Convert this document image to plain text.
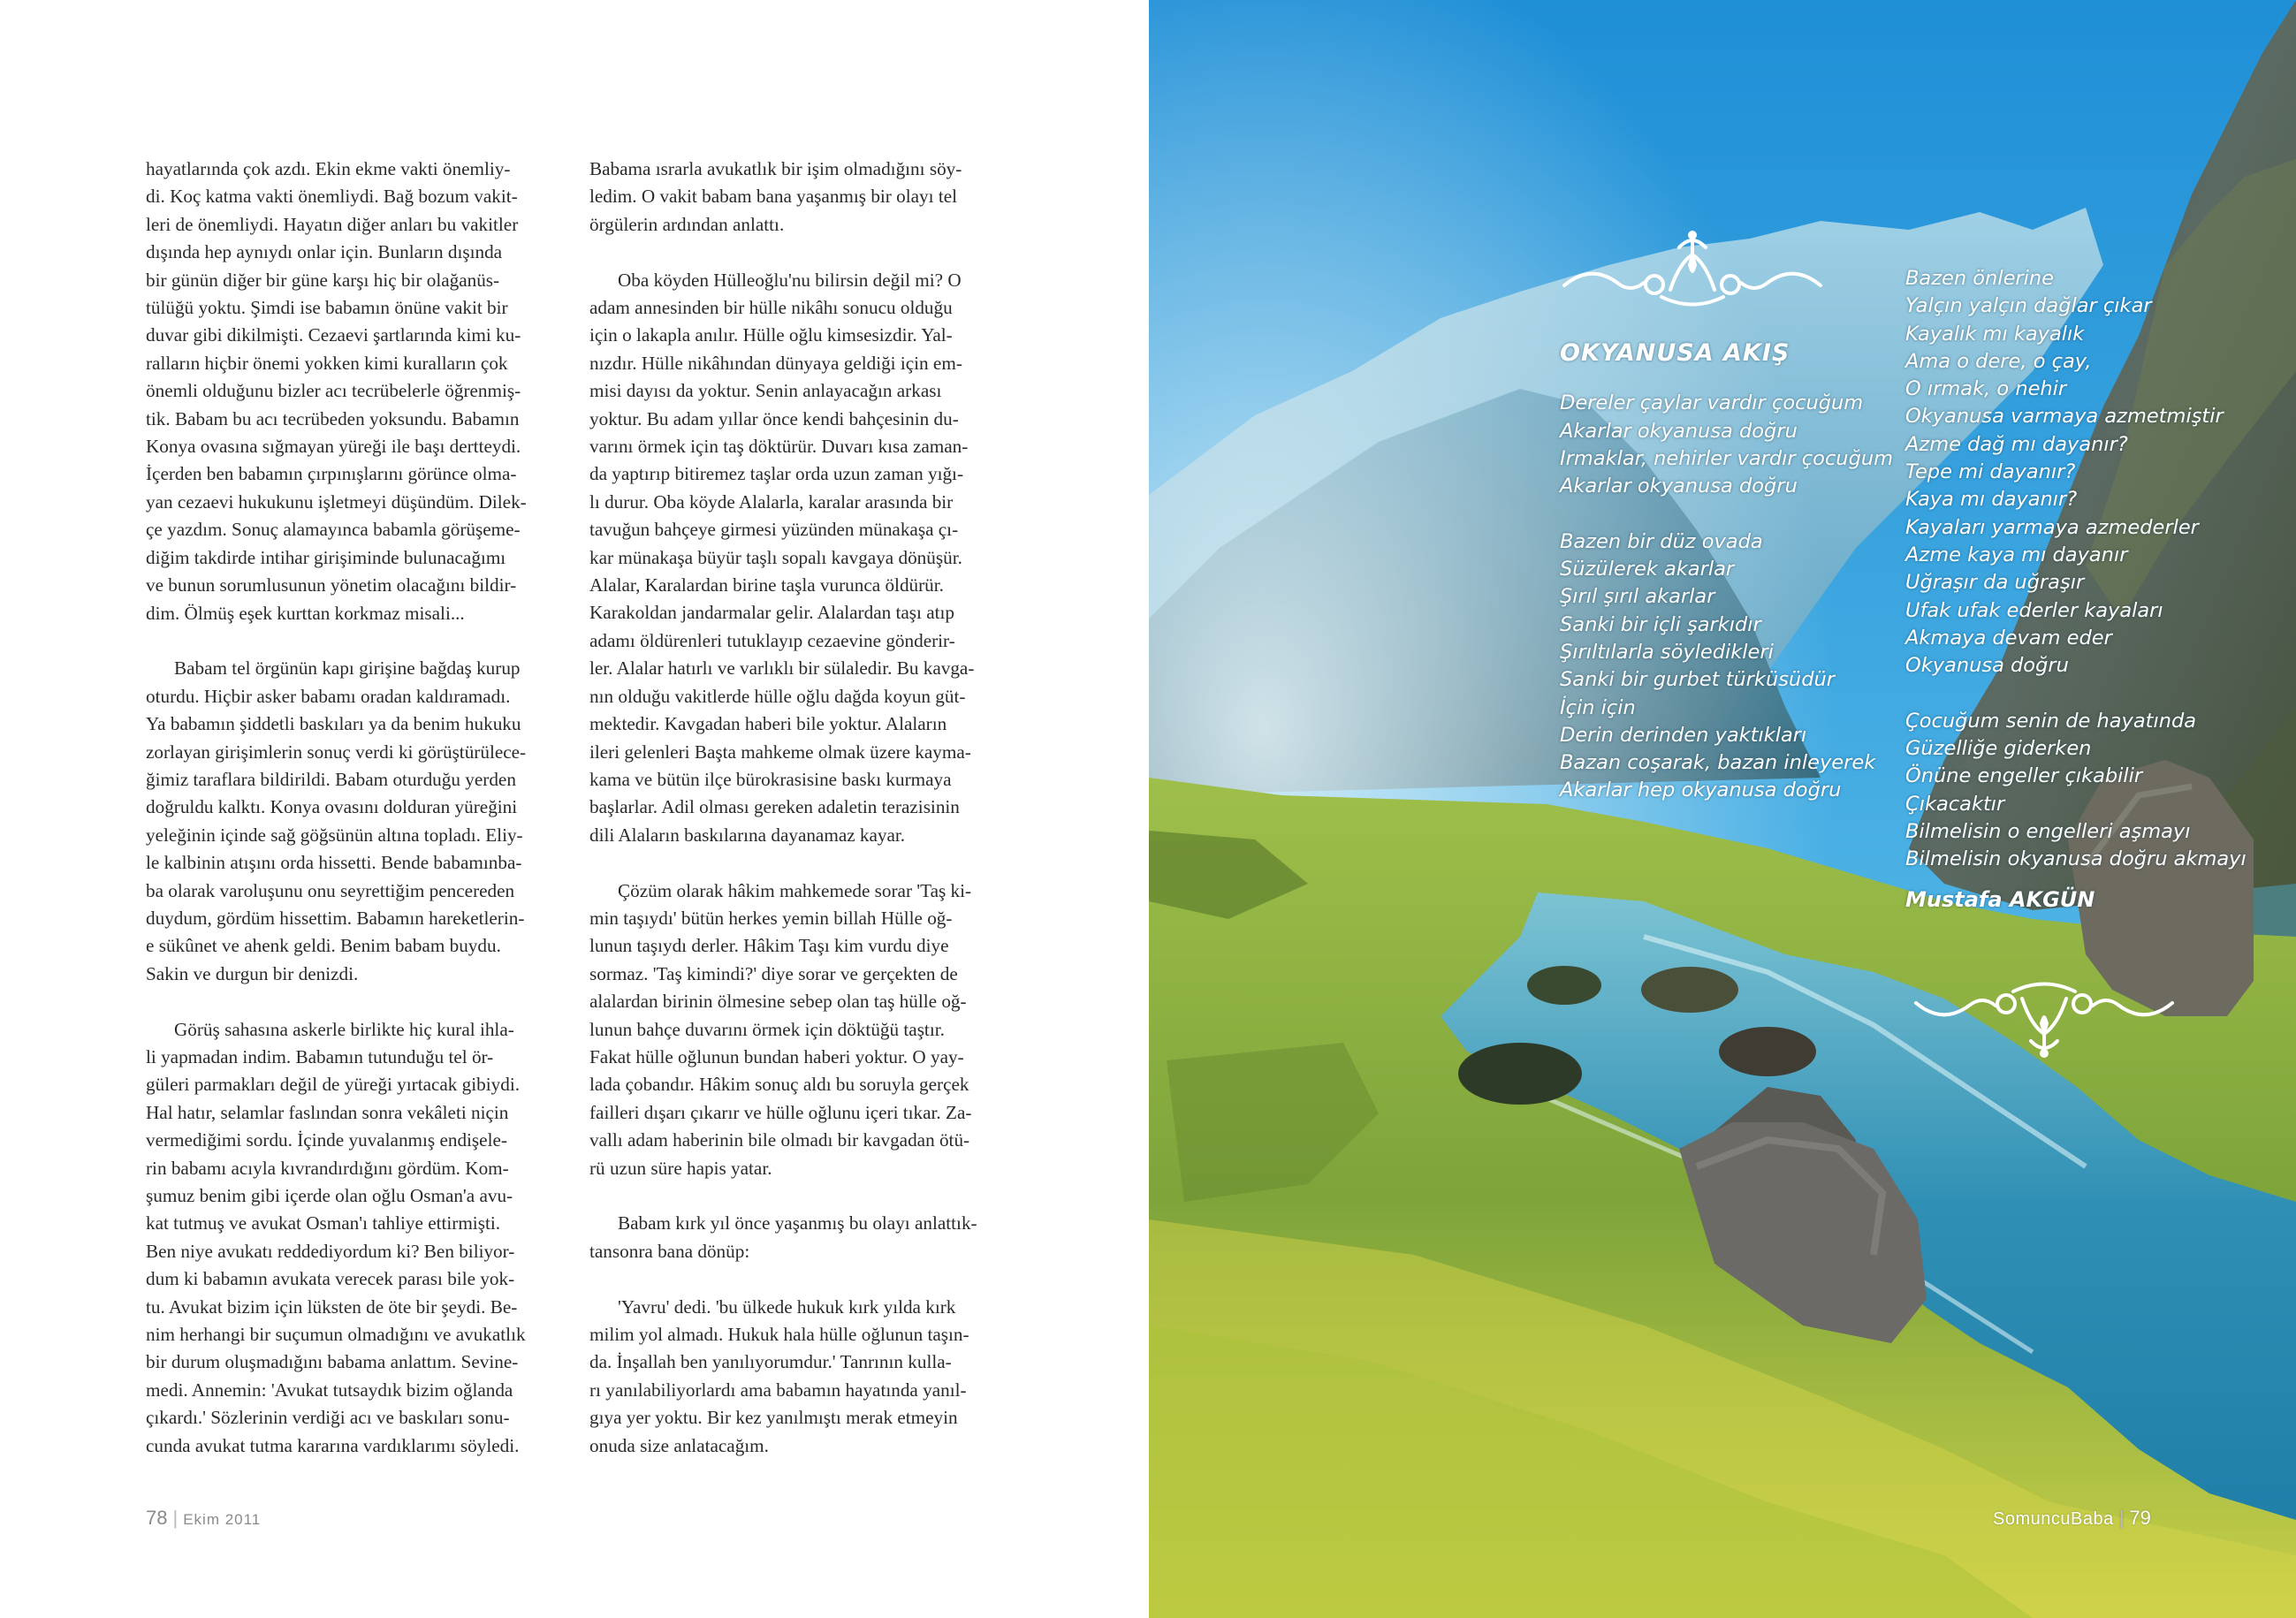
hayatlarında çok azdı. Ekin ekme vakti önemliy-
di. Koç katma vakti önemliydi. Bağ bozum vakit-
leri de önemliydi. Hayatın diğer anları bu vakitler
dışında hep aynıydı onlar için. Bunların dışında
bir günün diğer bir güne karşı hiç bir olağanüs-
tülüğü yoktu. Şimdi ise babamın önüne vakit bir
duvar gibi dikilmişti. Cezaevi şartlarında kimi ku-
ralların hiçbir önemi yokken kimi kuralların çok
önemli olduğunu bizler acı tecrübelerle öğrenmiş-
tik. Babam bu acı tecrübeden yoksundu. Babamın
Konya ovasına sığmayan yüreği ile başı dertteydi.
İçerden ben babamın çırpınışlarını görünce olma-
yan cezaevi hukukunu işletmeyi düşündüm. Dilek-
çe yazdım. Sonuç alamayınca babamla görüşeme-
diğim takdirde intihar girişiminde bulunacağımı
ve bunun sorumlusunun yönetim olacağını bildir-
dim. Ölmüş eşek kurttan korkmaz misali...

Babam tel örgünün kapı girişine bağdaş kurup
oturdu. Hiçbir asker babamı oradan kaldıramadı.
Ya babamın şiddetli baskıları ya da benim hukuku
zorlayan girişimlerin sonuç verdi ki görüştürülece-
ğimiz taraflara bildirildi. Babam oturduğu yerden
doğruldu kalktı. Konya ovasını dolduran yüreğini
yeleğinin içinde sağ göğsünün altına topladı. Eliy-
le kalbinin atışını orda hissetti. Bende babamınba-
ba olarak varoluşunu onu seyrettiğim pencereden
duydum, gördüm hissettim. Babamın hareketlerin-
e sükûnet ve ahenk geldi. Benim babam buydu.
Sakin ve durgun bir denizdi.

Görüş sahasına askerle birlikte hiç kural ihla-
li yapmadan indim. Babamın tutunduğu tel ör-
güleri parmakları değil de yüreği yırtacak gibiydi.
Hal hatır, selamlar faslından sonra vekâleti niçin
vermediğimi sordu. İçinde yuvalanmış endişele-
rin babamı acıyla kıvrandırdığını gördüm. Kom-
şumuz benim gibi içerde olan oğlu Osman'a avu-
kat tutmuş ve avukat Osman'ı tahliye ettirmişti.
Ben niye avukatı reddediyordum ki? Ben biliyor-
dum ki babamın avukata verecek parası bile yok-
tu. Avukat bizim için lüksten de öte bir şeydi. Be-
nim herhangi bir suçumun olmadığını ve avukatlık
bir durum oluşmadığını babama anlattım. Sevine-
medi. Annemin: 'Avukat tutsaydık bizim oğlanda
çıkardı.' Sözlerinin verdiği acı ve baskıları sonu-
cunda avukat tutma kararına vardıklarımı söyledi.

Babama ısrarla avukatlık bir işim olmadığını söy-
ledim. O vakit babam bana yaşanmış bir olayı tel
örgülerin ardından anlattı.

Oba köyden Hülleoğlu'nu bilirsin değil mi? O
adam annesinden bir hülle nikâhı sonucu olduğu
için o lakapla anılır. Hülle oğlu kimsesizdir. Yal-
nızdır. Hülle nikâhından dünyaya geldiği için em-
misi dayısı da yoktur. Senin anlayacağın arkası
yoktur. Bu adam yıllar önce kendi bahçesinin du-
varını örmek için taş döktürür. Duvarı kısa zaman-
da yaptırıp bitiremez taşlar orda uzun zaman yığı-
lı durur. Oba köyde Alalarla, karalar arasında bir
tavuğun bahçeye girmesi yüzünden münakaşa çı-
kar münakaşa büyür taşlı sopalı kavgaya dönüşür.
Alalar, Karalardan birine taşla vurunca öldürür.
Karakoldan jandarmalar gelir. Alalardan taşı atıp
adamı öldürenleri tutuklayıp cezaevine gönderir-
ler. Alalar hatırlı ve varlıklı bir sülaledir. Bu kavga-
nın olduğu vakitlerde hülle oğlu dağda koyun güt-
mektedir. Kavgadan haberi bile yoktur. Alaların
ileri gelenleri Başta mahkeme olmak üzere kayma-
kama ve bütün ilçe bürokrasisine baskı kurmaya
başlarlar. Adil olması gereken adaletin terazisinin
dili Alaların baskılarına dayanamaz kayar.

Çözüm olarak hâkim mahkemede sorar 'Taş ki-
min taşıydı' bütün herkes yemin billah Hülle oğ-
lunun taşıydı derler. Hâkim Taşı kim vurdu diye
sormaz. 'Taş kimindi?' diye sorar ve gerçekten de
alalardan birinin ölmesine sebep olan taş hülle oğ-
lunun bahçe duvarını örmek için döktüğü taştır.
Fakat hülle oğlunun bundan haberi yoktur. O yay-
lada çobandır. Hâkim sonuç aldı bu soruyla gerçek
failleri dışarı çıkarır ve hülle oğlunu içeri tıkar. Za-
vallı adam haberinin bile olmadı bir kavgadan ötü-
rü uzun süre hapis yatar.

Babam kırk yıl önce yaşanmış bu olayı anlattık-
tansonra bana dönüp:

'Yavru' dedi. 'bu ülkede hukuk kırk yılda kırk
milim yol almadı. Hukuk hala hülle oğlunun taşın-
da. İnşallah ben yanılıyorumdur.' Tanrının kulla-
rı yanılabiliyorlardı ama babamın hayatında yanıl-
gıya yer yoktu. Bir kez yanılmıştı merak etmeyin
onuda size anlatacağım.

78 | Ekim 2011
OKYANUSA AKIŞ
Dereler çaylar vardır çocuğum
Akarlar okyanusa doğru
Irmaklar, nehirler vardır çocuğum
Akarlar okyanusa doğru
Bazen bir düz ovada
Süzülerek akarlar
Şırıl şırıl akarlar
Sanki bir içli şarkıdır
Şırıltılarla söyledikleri
Sanki bir gurbet türküsüdür
İçin için
Derin derinden yaktıkları
Bazan coşarak, bazan inleyerek
Akarlar hep okyanusa doğru
Bazen önlerine
Yalçın yalçın dağlar çıkar
Kayalık mı kayalık
Ama o dere, o çay,
O ırmak, o nehir
Okyanusa varmaya azmetmiştir
Azme dağ mı dayanır?
Tepe mi dayanır?
Kaya mı dayanır?
Kayaları yarmaya azmederler
Azme kaya mı dayanır
Uğraşır da uğraşır
Ufak ufak ederler kayaları
Akmaya devam eder
Okyanusa doğru
Çocuğum senin de hayatında
Güzelliğe giderken
Önüne engeller çıkabilir
Çıkacaktır
Bilmelisin o engelleri aşmayı
Bilmelisin okyanusa doğru akmayı
Mustafa AKGÜN
SomuncuBaba | 79
